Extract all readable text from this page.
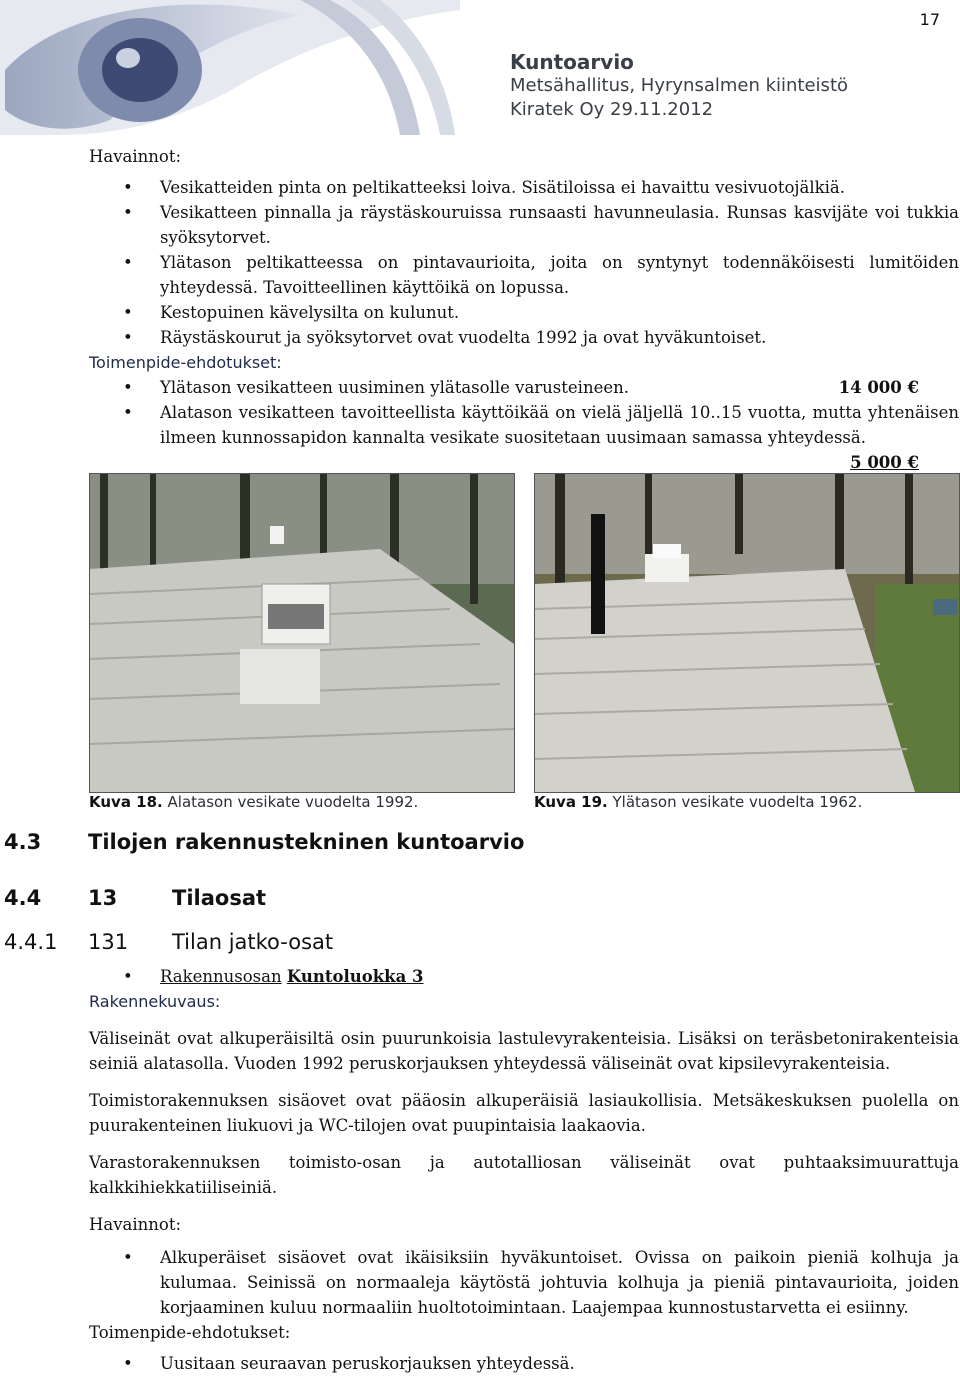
17
Kuntoarvio
Metsähallitus, Hyrynsalmen kiinteistö
Kiratek Oy 29.11.2012
Havainnot:
• Vesikatteiden pinta on peltikatteeksi loiva. Sisätiloissa ei havaittu vesivuotojälkiä.
• Vesikatteen pinnalla ja räystäskouruissa runsaasti havunneulasia. Runsas kasvijäte voi tukkia syöksytorvet.
• Ylätason peltikatteessa on pintavaurioita, joita on syntynyt todennäköisesti lumitöiden yhteydessä. Tavoitteellinen käyttöikä on lopussa.
• Kestopuinen kävelysilta on kulunut.
• Räystäskourut ja syöksytorvet ovat vuodelta 1992 ja ovat hyväkuntoiset.
Toimenpide-ehdotukset:
• Ylätason vesikatteen uusiminen ylätasolle varusteineen.	14 000 €
• Alatason vesikatteen tavoitteellista käyttöikää on vielä jäljellä 10..15 vuotta, mutta yhtenäisen ilmeen kunnossapidon kannalta vesikate suositetaan uusimaan samassa yhteydessä.
5 000 €
Kuva 18. Alatason vesikate vuodelta 1992.	Kuva 19. Ylätason vesikate vuodelta 1962.
4.3 Tilojen rakennustekninen kuntoarvio
4.4 13	Tilaosat
4.4.1 131 Tilan jatko-osat
• Rakennusosan Kuntoluokka 3
Rakennekuvaus:

Väliseinät ovat alkuperäisiltä osin puurunkoisia lastulevyrakenteisia. Lisäksi on teräsbetonirakenteisia seiniä alatasolla. Vuoden 1992 peruskorjauksen yhteydessä väliseinät ovat kipsilevyrakenteisia.

Toimistorakennuksen sisäovet ovat pääosin alkuperäisiä lasiaukollisia. Metsäkeskuksen puolella on puurakenteinen liukuovi ja WC-tilojen ovat puupintaisia laakaovia.

Varastorakennuksen toimisto-osan ja autotalliosan väliseinät ovat puhtaaksimuurattuja kalkkihiekkatiiliseiniä.

Havainnot:
• Alkuperäiset sisäovet ovat ikäisiksiin hyväkuntoiset. Ovissa on paikoin pieniä kolhuja ja kulumaa. Seinissä on normaaleja käytöstä johtuvia kolhuja ja pieniä pintavaurioita, joiden korjaaminen kuluu normaaliin huoltotoimintaan. Laajempaa kunnostustarvetta ei esiinny.
Toimenpide-ehdotukset:
• Uusitaan seuraavan peruskorjauksen yhteydessä.
